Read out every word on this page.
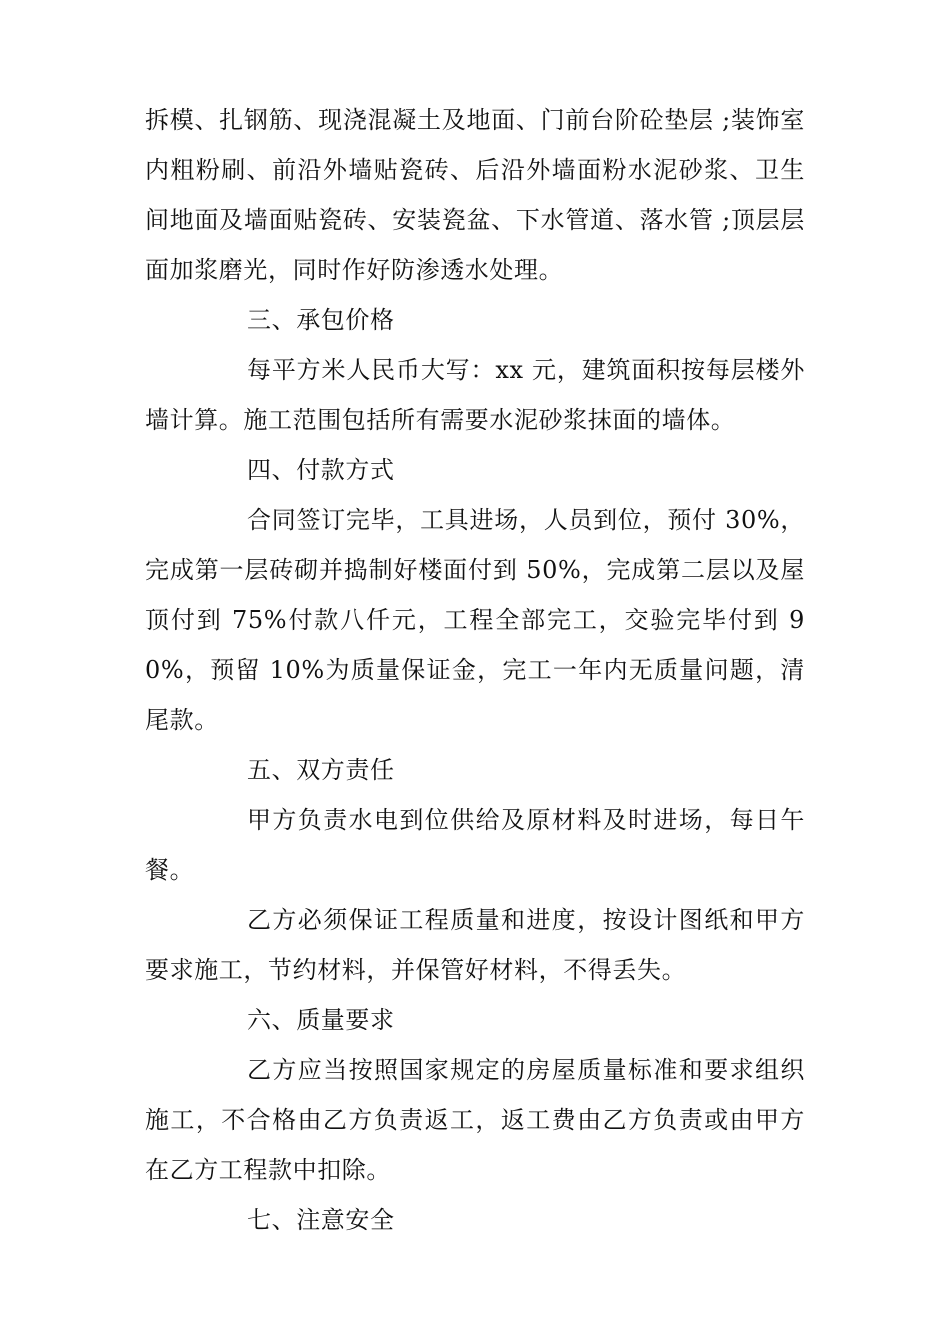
拆模、扎钢筋、现浇混凝土及地面、门前台阶砼垫层 ;装饰室内粗粉刷、前沿外墙贴瓷砖、后沿外墙面粉水泥砂浆、卫生间地面及墙面贴瓷砖、安装瓷盆、下水管道、落水管 ;顶层层面加浆磨光，同时作好防渗透水处理。

三、承包价格

每平方米人民币大写：xx 元，建筑面积按每层楼外墙计算。施工范围包括所有需要水泥砂浆抹面的墙体。

四、付款方式

合同签订完毕，工具进场，人员到位，预付 30%，完成第一层砖砌并捣制好楼面付到 50%，完成第二层以及屋顶付到 75%付款八仟元，工程全部完工，交验完毕付到 90%，预留 10%为质量保证金，完工一年内无质量问题，清尾款。

五、双方责任

甲方负责水电到位供给及原材料及时进场，每日午餐。

乙方必须保证工程质量和进度，按设计图纸和甲方要求施工，节约材料，并保管好材料，不得丢失。

六、质量要求

乙方应当按照国家规定的房屋质量标准和要求组织施工，不合格由乙方负责返工，返工费由乙方负责或由甲方在乙方工程款中扣除。

七、注意安全
